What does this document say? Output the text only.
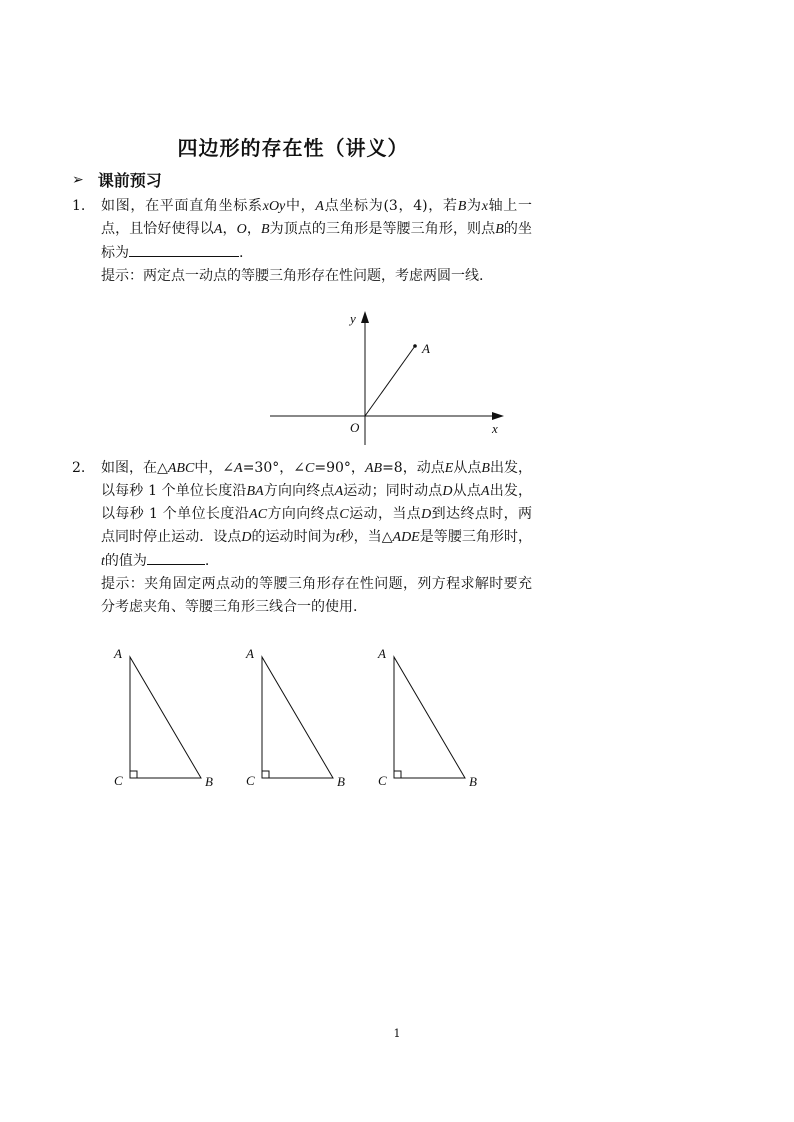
四边形的存在性（讲义）
➢ 课前预习
1. 如图，在平面直角坐标系xOy中，A点坐标为(3，4)，若B为x轴上一点，且恰好使得以A，O，B为顶点的三角形是等腰三角形，则点B的坐标为	.

提示：两定点一动点的等腰三角形存在性问题，考虑两圆一线.

y
x
O
A
2. 如图，在△ABC中，∠A=30°，∠C=90°，AB=8，动点E从点B出发，以每秒 1 个单位长度沿BA方向向终点A运动；同时动点D从点A出发，以每秒 1 个单位长度沿AC方向向终点C运动，当点D到达终点时，两点同时停止运动．设点D的运动时间为t秒，当△ADE是等腰三角形时，t的值为	.

提示：夹角固定两点动的等腰三角形存在性问题，列方程求解时要充分考虑夹角、等腰三角形三线合一的使用.

A
C	B
A
C	B
A
C	B
1
